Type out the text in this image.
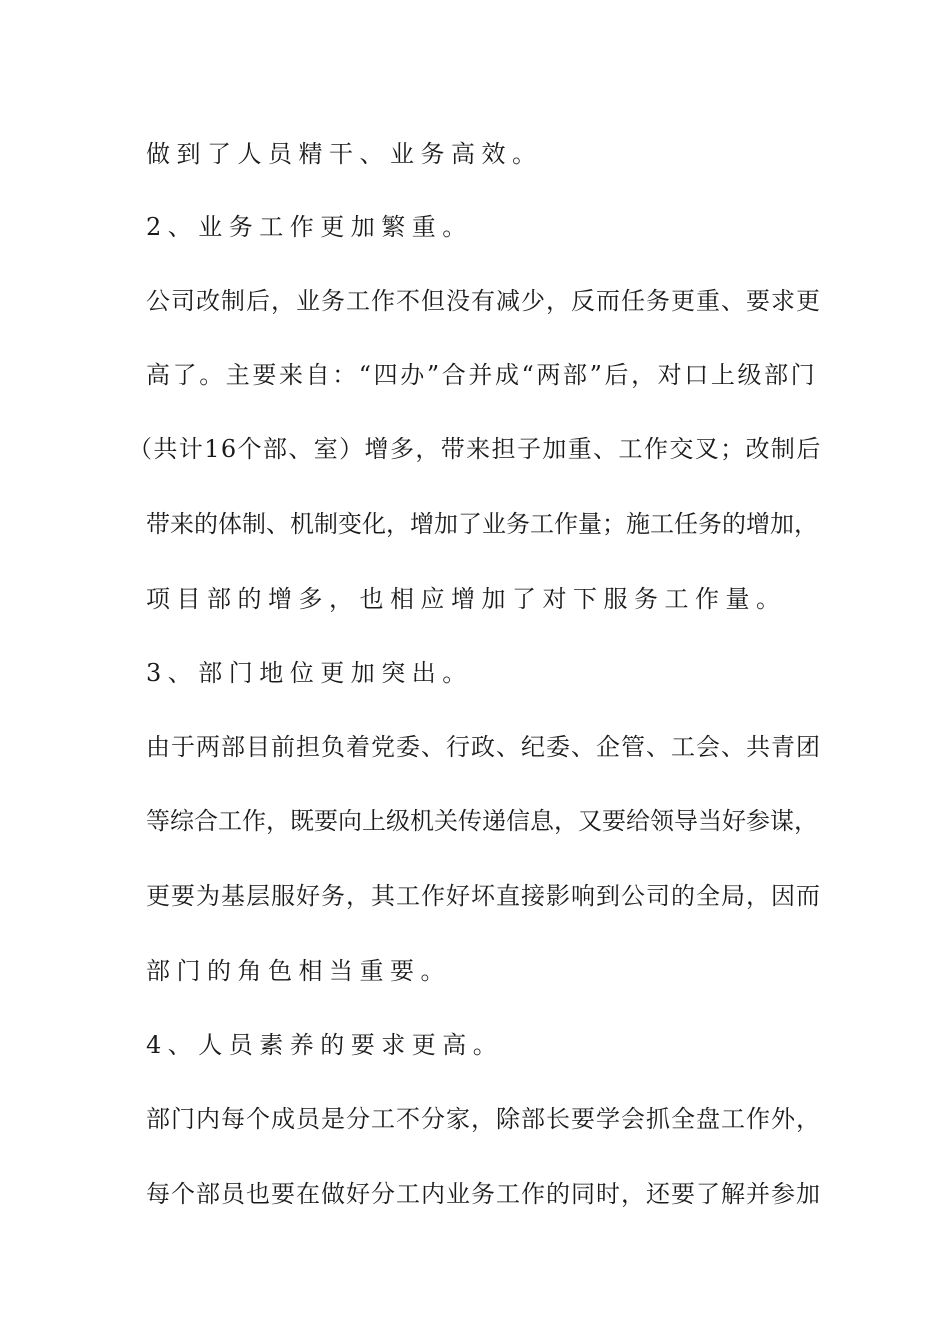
做到了人员精干、业务高效。
2、业务工作更加繁重。
公司改制后，业务工作不但没有减少，反而任务更重、要求更
高了。主要来自：“四办”合并成“两部”后，对口上级部门
（共计16个部、室）增多，带来担子加重、工作交叉；改制后
带来的体制、机制变化，增加了业务工作量；施工任务的增加，
项目部的增多，也相应增加了对下服务工作量。
3、部门地位更加突出。
由于两部目前担负着党委、行政、纪委、企管、工会、共青团
等综合工作，既要向上级机关传递信息，又要给领导当好参谋，
更要为基层服好务，其工作好坏直接影响到公司的全局，因而
部门的角色相当重要。
4、人员素养的要求更高。
部门内每个成员是分工不分家，除部长要学会抓全盘工作外，
每个部员也要在做好分工内业务工作的同时，还要了解并参加
